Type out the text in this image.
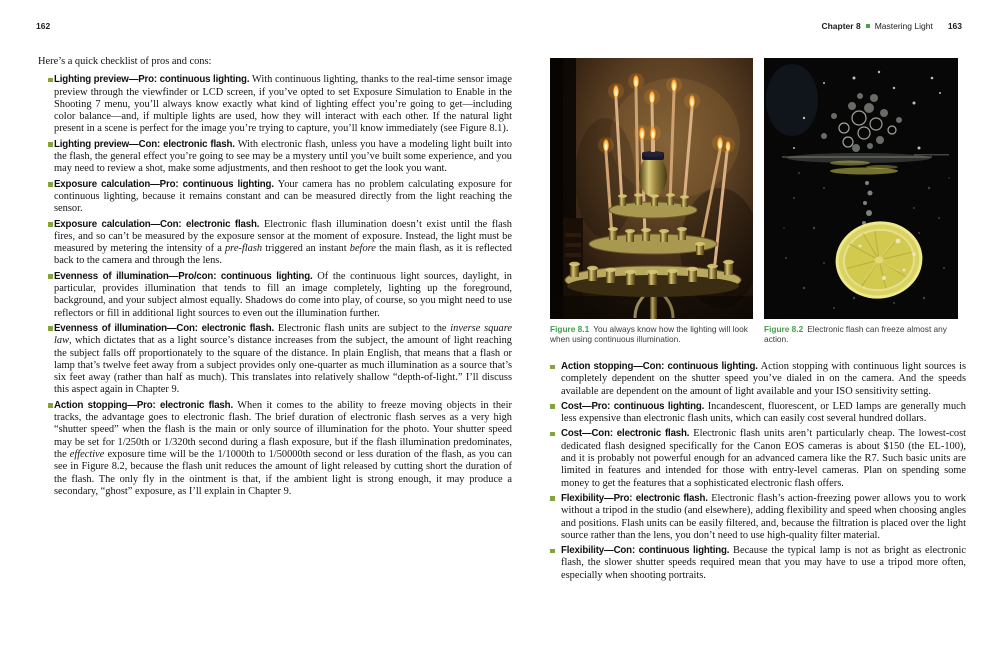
162	Chapter 8 Mastering Light 163

Here’s a quick checklist of pros and cons:

Lighting preview—Pro: continuous lighting. With continuous lighting, thanks to the real-time sensor image preview through the viewfinder or LCD screen, if you’ve opted to set Exposure Simulation to Enable in the Shooting 7 menu, you’ll always know exactly what kind of lighting effect you’re going to get—including color balance—and, if multiple lights are used, how they will interact with each other. If the natural light present in a scene is perfect for the image you’re trying to capture, you’ll know immediately (see Figure 8.1).
Lighting preview—Con: electronic flash. With electronic flash, unless you have a modeling light built into the flash, the general effect you’re going to see may be a mystery until you’ve built some experience, and you may need to review a shot, make some adjustments, and then reshoot to get the look you want.
Exposure calculation—Pro: continuous lighting. Your camera has no problem calculating exposure for continuous lighting, because it remains constant and can be measured directly from the light reaching the sensor.
Exposure calculation—Con: electronic flash. Electronic flash illumination doesn’t exist until the flash fires, and so can’t be measured by the exposure sensor at the moment of exposure. Instead, the light must be measured by metering the intensity of a pre-flash triggered an instant before the main flash, as it is reflected back to the camera and through the lens.
Evenness of illumination—Pro/con: continuous lighting. Of the continuous light sources, daylight, in particular, provides illumination that tends to fill an image completely, lighting up the foreground, background, and your subject almost equally. Shadows do come into play, of course, so you might need to use reflectors or fill in additional light sources to even out the illumination further.
Evenness of illumination—Con: electronic flash. Electronic flash units are subject to the inverse square law, which dictates that as a light source’s distance increases from the subject, the amount of light reaching the subject falls off proportionately to the square of the distance. In plain English, that means that a flash or lamp that’s twelve feet away from a subject provides only one-quarter as much illumination as a source that’s six feet away (rather than half as much). This translates into relatively shallow “depth-of-light.” I’ll discuss this aspect again in Chapter 9.
Action stopping—Pro: electronic flash. When it comes to the ability to freeze moving objects in their tracks, the advantage goes to electronic flash. The brief duration of electronic flash serves as a very high “shutter speed” when the flash is the main or only source of illumination for the photo. Your shutter speed may be set for 1/250th or 1/320th second during a flash exposure, but if the flash illumination predominates, the effective exposure time will be the 1/1000th to 1/50000th second or less duration of the flash, as you can see in Figure 8.2, because the flash unit reduces the amount of light released by cutting short the duration of the flash. The only fly in the ointment is that, if the ambient light is strong enough, it may produce a secondary, “ghost” exposure, as I’ll explain in Chapter 9.
Figure 8.1 You always know how the lighting will look when using continuous illumination.
Figure 8.2 Electronic flash can freeze almost any action.
Action stopping—Con: continuous lighting. Action stopping with continuous light sources is completely dependent on the shutter speed you’ve dialed in on the camera. And the speeds available are dependent on the amount of light available and your ISO sensitivity setting.
Cost—Pro: continuous lighting. Incandescent, fluorescent, or LED lamps are generally much less expensive than electronic flash units, which can easily cost several hundred dollars.
Cost—Con: electronic flash. Electronic flash units aren’t particularly cheap. The lowest-cost dedicated flash designed specifically for the Canon EOS cameras is about $150 (the EL-100), and it is probably not powerful enough for an advanced camera like the R7. Such basic units are limited in features and intended for those with entry-level cameras. Plan on spending some money to get the features that a sophisticated electronic flash offers.
Flexibility—Pro: electronic flash. Electronic flash’s action-freezing power allows you to work without a tripod in the studio (and elsewhere), adding flexibility and speed when choosing angles and positions. Flash units can be easily filtered, and, because the filtration is placed over the light source rather than the lens, you don’t need to use high-quality filter material.
Flexibility—Con: continuous lighting. Because the typical lamp is not as bright as electronic flash, the slower shutter speeds required mean that you may have to use a tripod more often, especially when shooting portraits.
